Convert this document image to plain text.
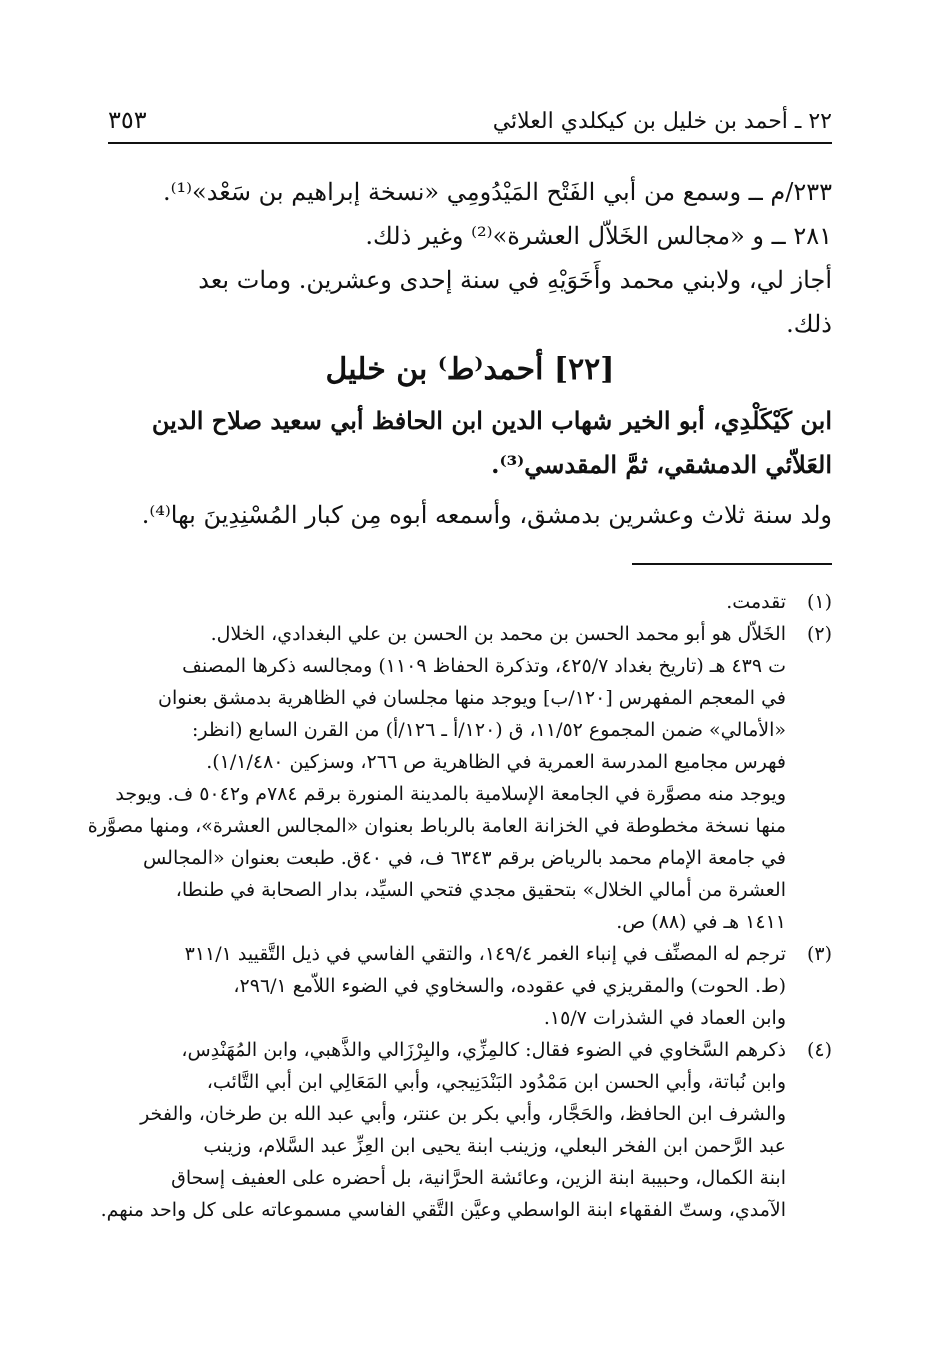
٢٢ ـ أحمد بن خليل بن كيكلدي العلائي
٣٥٣
٢٣٣/م ــ وسمع من أبي الفَتْح المَيْدُومِي «نسخة إبراهيم بن سَعْد»⁽¹⁾.
٢٨١ ــ و «مجالس الخَلاّل العشرة»⁽²⁾ وغير ذلك.
أجاز لي، ولابني محمد وأَخَوَيْهِ في سنة إحدى وعشرين. ومات بعد
ذلك.
[٢٢] أحمد⁽ط⁾ بن خليل
ابن كَيْكَلْدِي، أبو الخير شهاب الدين ابن الحافظ أبي سعيد صلاح الدين
العَلاّئي الدمشقي، ثمَّ المقدسي⁽³⁾.
ولد سنة ثلاث وعشرين بدمشق، وأسمعه أبوه مِن كبار المُسْنِدِينَ بها⁽⁴⁾.
(١)
تقدمت.
(٢)
الخَلاّل هو أبو محمد الحسن بن محمد بن الحسن بن علي البغدادي، الخلال.
ت ٤٣٩ هـ (تاريخ بغداد ٤٢٥/٧، وتذكرة الحفاظ ١١٠٩) ومجالسه ذكرها المصنف
في المعجم المفهرس [١٢٠/ب] ويوجد منها مجلسان في الظاهرية بدمشق بعنوان
«الأمالي» ضمن المجموع ١١/٥٢، ق (١٢٠/أ ـ ١٢٦/أ) من القرن السابع (انظر:
فهرس مجاميع المدرسة العمرية في الظاهرية ص ٢٦٦، وسزكين ١/١/٤٨٠).
ويوجد منه مصوَّرة في الجامعة الإسلامية بالمدينة المنورة برقم ٧٨٤م و٥٠٤٢ ف. ويوجد
منها نسخة مخطوطة في الخزانة العامة بالرباط بعنوان «المجالس العشرة»، ومنها مصوَّرة
في جامعة الإمام محمد بالرياض برقم ٦٣٤٣ ف، في ٤٠ق. طبعت بعنوان «المجالس
العشرة من أمالي الخلال» بتحقيق مجدي فتحي السيِّد، بدار الصحابة في طنطا،
١٤١١ هـ في (٨٨) ص.
(٣)
ترجم له المصنِّف في إنباء الغمر ١٤٩/٤، والتقي الفاسي في ذيل التَّقييد ٣١١/١
(ط. الحوت) والمقريزي في عقوده، والسخاوي في الضوء اللاّمع ٢٩٦/١،
وابن العماد في الشذرات ١٥/٧.
(٤)
ذكرهم السَّخاوي في الضوء فقال: كالمِزِّي، والبِرْزَالي والذَّهبي، وابن المُهَنْدِس،
وابن نُباتة، وأبي الحسن ابن مَمْدُود البَنْدَنِيجي، وأبي المَعَالِي ابن أبي التَّائب،
والشرف ابن الحافظ، والحَجَّار، وأبي بكر بن عنتر، وأبي عبد الله بن طرخان، والفخر
عبد الرَّحمن ابن الفخر البعلي، وزينب ابنة يحيى ابن العِزِّ عبد السَّلام، وزينب
ابنة الكمال، وحبيبة ابنة الزين، وعائشة الحرَّانية، بل أحضره على العفيف إسحاق
الآمدي، وستّ الفقهاء ابنة الواسطي وعيَّن التَّقي الفاسي مسموعاته على كل واحد منهم.
